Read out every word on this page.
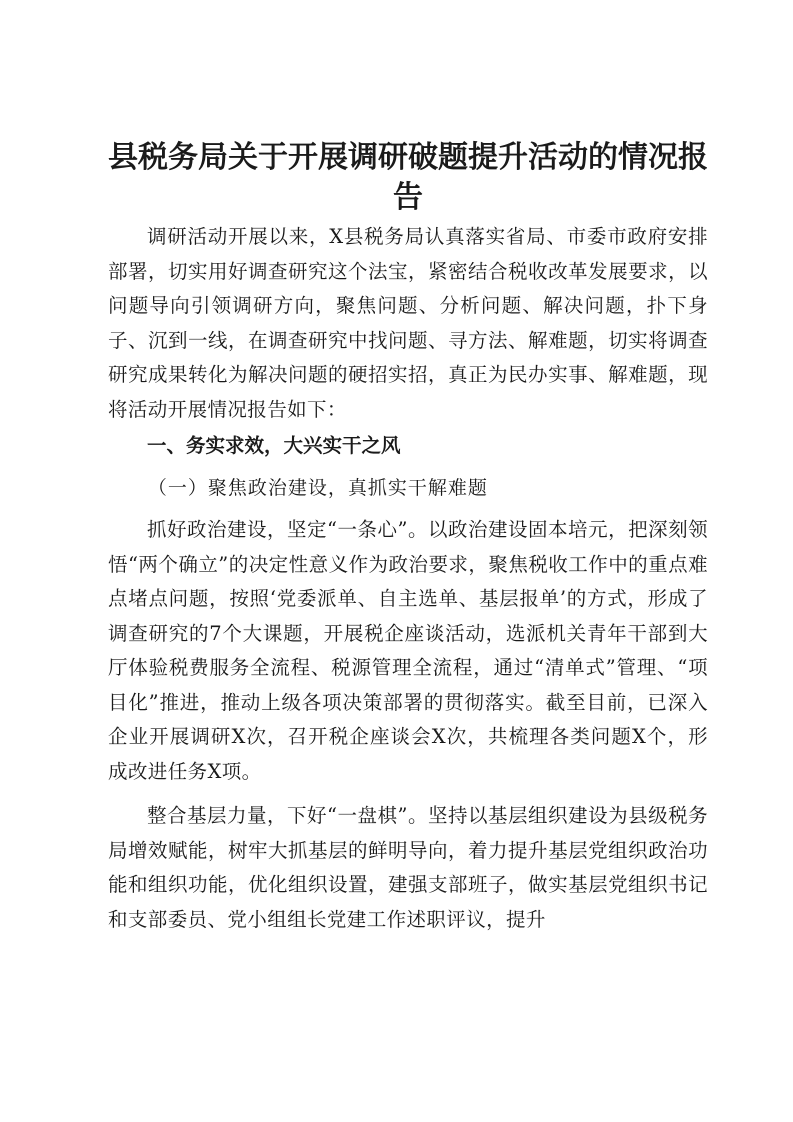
县税务局关于开展调研破题提升活动的情况报告

调研活动开展以来，X县税务局认真落实省局、市委市政府安排部署，切实用好调查研究这个法宝，紧密结合税收改革发展要求，以问题导向引领调研方向，聚焦问题、分析问题、解决问题，扑下身子、沉到一线，在调查研究中找问题、寻方法、解难题，切实将调查研究成果转化为解决问题的硬招实招，真正为民办实事、解难题，现将活动开展情况报告如下：

一、务实求效，大兴实干之风

（一）聚焦政治建设，真抓实干解难题

抓好政治建设，坚定“一条心”。以政治建设固本培元，把深刻领悟“两个确立”的决定性意义作为政治要求，聚焦税收工作中的重点难点堵点问题，按照‘党委派单、自主选单、基层报单’的方式，形成了调查研究的7个大课题，开展税企座谈活动，选派机关青年干部到大厅体验税费服务全流程、税源管理全流程，通过“清单式”管理、“项目化”推进，推动上级各项决策部署的贯彻落实。截至目前，已深入企业开展调研X次，召开税企座谈会X次，共梳理各类问题X个，形成改进任务X项。

整合基层力量，下好“一盘棋”。坚持以基层组织建设为县级税务局增效赋能，树牢大抓基层的鲜明导向，着力提升基层党组织政治功能和组织功能，优化组织设置，建强支部班子，做实基层党组织书记和支部委员、党小组组长党建工作述职评议，提升
